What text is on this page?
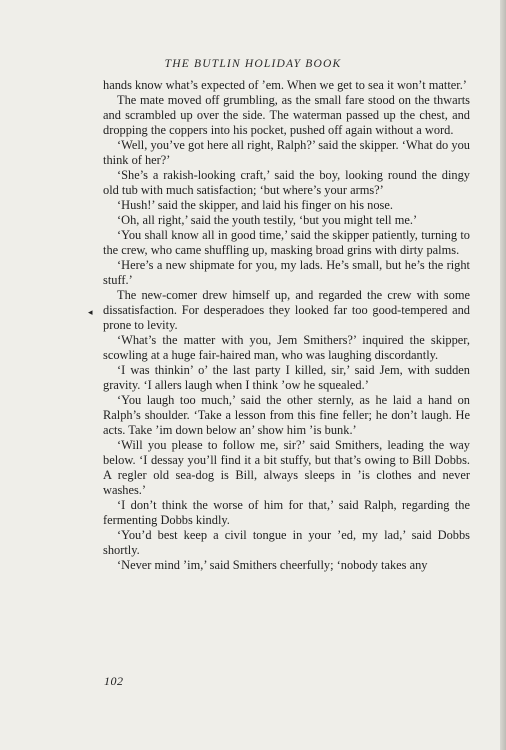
THE BUTLIN HOLIDAY BOOK

hands know what’s expected of ’em. When we get to sea it won’t matter.’

The mate moved off grumbling, as the small fare stood on the thwarts and scrambled up over the side. The waterman passed up the chest, and dropping the coppers into his pocket, pushed off again without a word.

‘Well, you’ve got here all right, Ralph?’ said the skipper. ‘What do you think of her?’

‘She’s a rakish-looking craft,’ said the boy, looking round the dingy old tub with much satisfaction; ‘but where’s your arms?’

‘Hush!’ said the skipper, and laid his finger on his nose.

‘Oh, all right,’ said the youth testily, ‘but you might tell me.’

‘You shall know all in good time,’ said the skipper patiently, turning to the crew, who came shuffling up, masking broad grins with dirty palms.

‘Here’s a new shipmate for you, my lads. He’s small, but he’s the right stuff.’

The new-comer drew himself up, and regarded the crew with some dissatisfaction. For desperadoes they looked far too good-tempered and prone to levity.

‘What’s the matter with you, Jem Smithers?’ inquired the skipper, scowling at a huge fair-haired man, who was laughing discordantly.

‘I was thinkin’ o’ the last party I killed, sir,’ said Jem, with sudden gravity. ‘I allers laugh when I think ’ow he squealed.’

‘You laugh too much,’ said the other sternly, as he laid a hand on Ralph’s shoulder. ‘Take a lesson from this fine feller; he don’t laugh. He acts. Take ’im down below an’ show him ’is bunk.’

‘Will you please to follow me, sir?’ said Smithers, leading the way below. ‘I dessay you’ll find it a bit stuffy, but that’s owing to Bill Dobbs. A regler old sea-dog is Bill, always sleeps in ’is clothes and never washes.’

‘I don’t think the worse of him for that,’ said Ralph, regarding the fermenting Dobbs kindly.

‘You’d best keep a civil tongue in your ’ed, my lad,’ said Dobbs shortly.

‘Never mind ’im,’ said Smithers cheerfully; ‘nobody takes any

◂
102
